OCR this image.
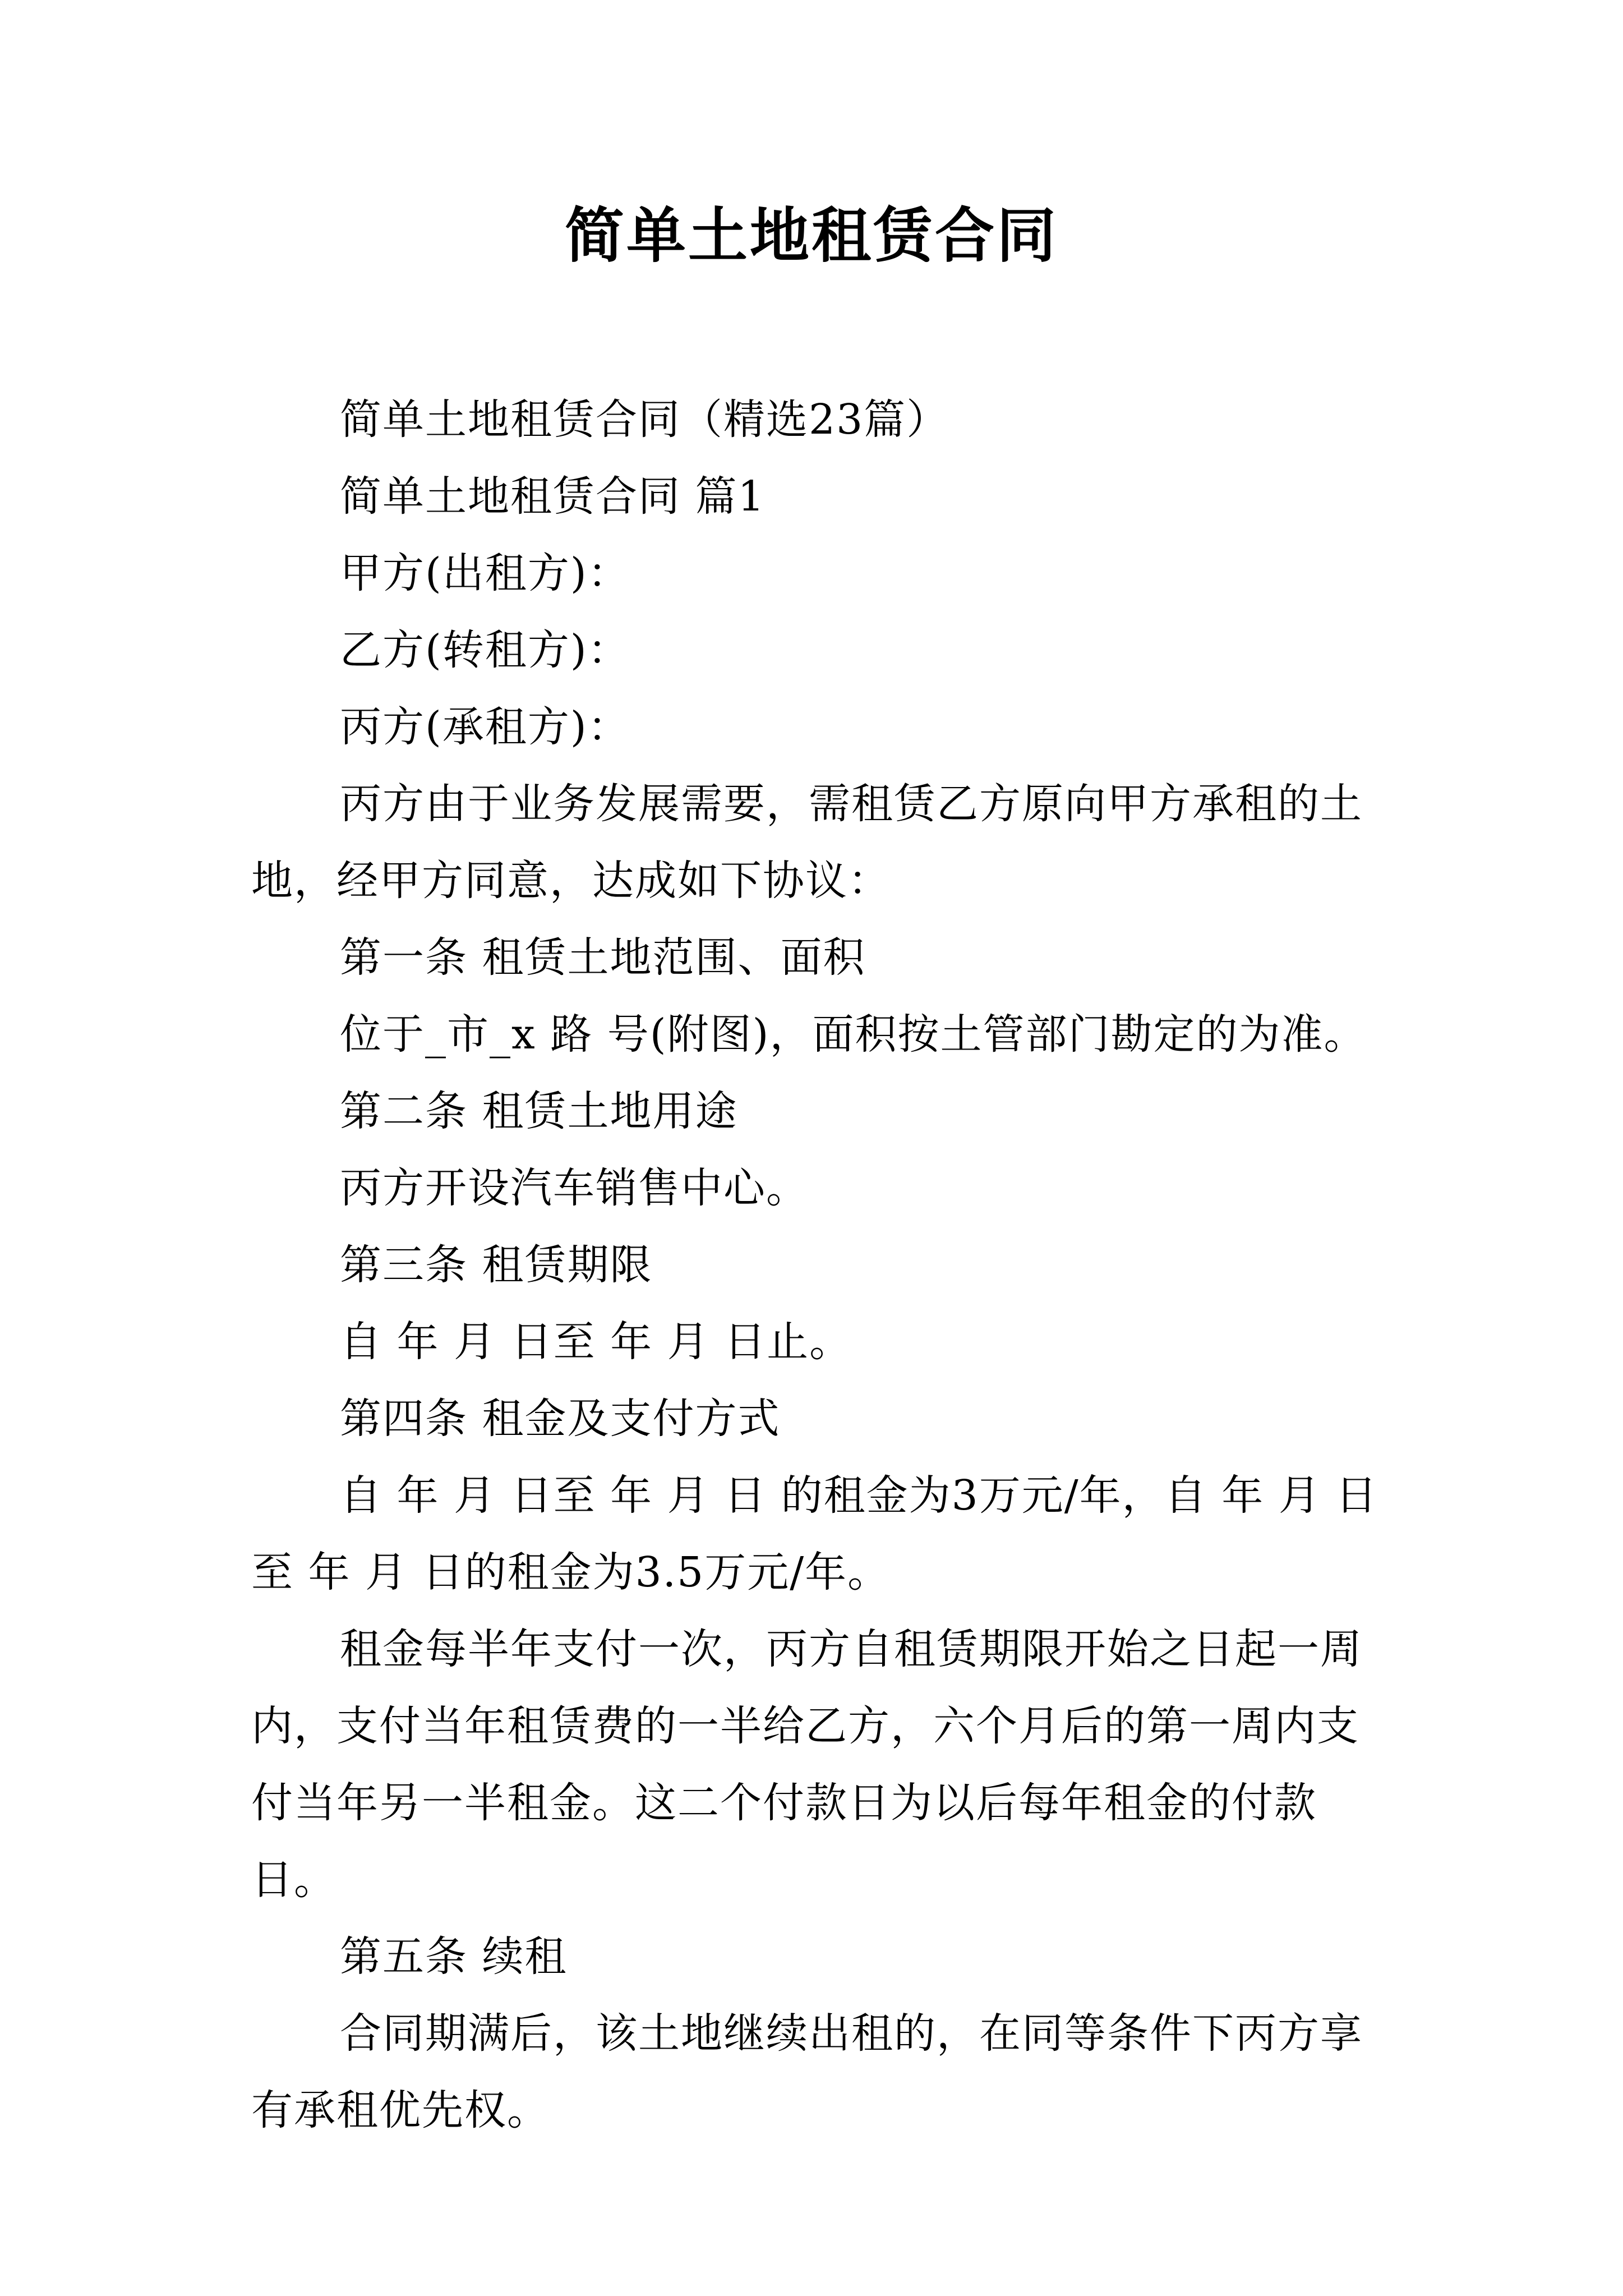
简单土地租赁合同

简单土地租赁合同（精选23篇）

简单土地租赁合同 篇1

甲方(出租方)：

乙方(转租方)：

丙方(承租方)：

丙方由于业务发展需要，需租赁乙方原向甲方承租的土地，经甲方同意，达成如下协议：

第一条 租赁土地范围、面积

位于_市_x 路 号(附图)，面积按土管部门勘定的为准。

第二条 租赁土地用途

丙方开设汽车销售中心。

第三条 租赁期限

自 年 月 日至 年 月 日止。

第四条 租金及支付方式

自 年 月 日至 年 月 日 的租金为3万元/年，自 年 月 日至 年 月 日的租金为3.5万元/年。

租金每半年支付一次，丙方自租赁期限开始之日起一周内，支付当年租赁费的一半给乙方，六个月后的第一周内支付当年另一半租金。这二个付款日为以后每年租金的付款日。

第五条 续租

合同期满后，该土地继续出租的，在同等条件下丙方享有承租优先权。
